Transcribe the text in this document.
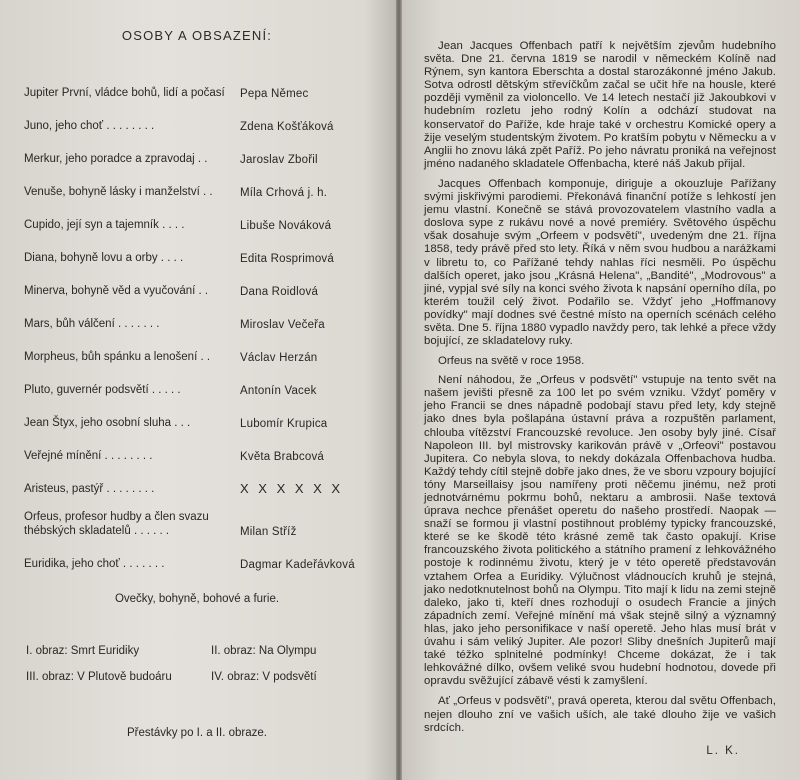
OSOBY A OBSAZENÍ:
Jupiter První, vládce bohů, lidí a počasí	Pepa Němec
Juno, jeho choť . . . . . . . .	Zdena Košťáková
Merkur, jeho poradce a zpravodaj . .	Jaroslav Zbořil
Venuše, bohyně lásky i manželství . .	Míla Crhová j. h.
Cupido, její syn a tajemník . . . .	Libuše Nováková
Diana, bohyně lovu a orby . . . .	Edita Rosprimová
Minerva, bohyně věd a vyučování . .	Dana Roidlová
Mars, bůh válčení . . . . . . .	Miroslav Večeřa
Morpheus, bůh spánku a lenošení . .	Václav Herzán
Pluto, guvernér podsvětí . . . . .	Antonín Vacek
Jean Štyx, jeho osobní sluha . . .	Lubomír Krupica
Veřejné mínění . . . . . . . .	Květa Brabcová
Aristeus, pastýř . . . . . . . .	X X X X X X
Orfeus, profesor hudby a člen svazu thébských skladatelů . . . . . .	Milan Stříž
Euridika, jeho choť . . . . . . .	Dagmar Kadeřávková
Ovečky, bohyně, bohové a furie.
I. obraz: Smrt Euridiky	II. obraz: Na Olympu
III. obraz: V Plutově budoáru	IV. obraz: V podsvětí
Přestávky po I. a II. obraze.

Jean Jacques Offenbach patří k největším zjevům hudebního světa. Dne 21. června 1819 se narodil v německém Kolíně nad Rýnem, syn kantora Eberschta a dostal starozákonné jméno Jakub. Sotva odrostl dětským střevíčkům začal se učit hře na housle, které později vyměnil za violoncello. Ve 14 letech nestačí již Jakoubkovi v hudebním rozletu jeho rodný Kolín a odchází studovat na konservatoř do Paříže, kde hraje také v orchestru Komické opery a žije veselým studentským životem. Po kratším pobytu v Německu a v Anglii ho znovu láká zpět Paříž. Po jeho návratu proniká na veřejnost jméno nadaného skladatele Offenbacha, které náš Jakub přijal.

Jacques Offenbach komponuje, diriguje a okouzluje Pařížany svými jiskřivými parodiemi. Překonává finanční potíže s lehkostí jen jemu vlastní. Konečně se stává provozovatelem vlastního vadla a doslova sype z rukávu nové a nové premiéry. Světového úspěchu však dosahuje svým „Orfeem v podsvětí", uvedeným dne 21. října 1858, tedy právě před sto lety. Říká v něm svou hudbou a narážkami v libretu to, co Pařížané tehdy nahlas říci nesměli. Po úspěchu dalších operet, jako jsou „Krásná Helena", „Bandité", „Modrovous" a jiné, vypjal své síly na konci svého života k napsání operního díla, po kterém toužil celý život. Podařilo se. Vždyť jeho „Hoffmanovy povídky" mají dodnes své čestné místo na operních scénách celého světa. Dne 5. října 1880 vypadlo navždy pero, tak lehké a přece vždy bojující, ze skladatelovy ruky.

Orfeus na světě v roce 1958.

Není náhodou, že „Orfeus v podsvětí" vstupuje na tento svět na našem jevišti přesně za 100 let po svém vzniku. Vždyť poměry v jeho Francii se dnes nápadně podobají stavu před lety, kdy stejně jako dnes byla pošlapána ústavní práva a rozpuštěn parlament, chlouba vítězství Francouzské revoluce. Jen osoby byly jiné. Císař Napoleon III. byl mistrovsky karikován právě v „Orfeovi" postavou Jupitera. Co nebyla slova, to nekdy dokázala Offenbachova hudba. Každý tehdy cítil stejně dobře jako dnes, že ve sboru vzpoury bojující tóny Marseillaisy jsou namířeny proti něčemu jinému, než proti jednotvárnému pokrmu bohů, nektaru a ambrosii. Naše textová úprava nechce přenášet operetu do našeho prostředí. Naopak — snaží se formou ji vlastní postihnout problémy typicky francouzské, které se ke škodě této krásné země tak často opakují. Krise francouzského života politického a státního pramení z lehkovážného postoje k rodinnému životu, který je v této operetě představován vztahem Orfea a Euridiky. Výlučnost vládnoucích kruhů je stejná, jako nedotknutelnost bohů na Olympu. Tito mají k lidu na zemi stejně daleko, jako ti, kteří dnes rozhodují o osudech Francie a jiných západních zemí. Veřejné mínění má však stejně silný a významný hlas, jako jeho personifikace v naší operetě. Jeho hlas musí brát v úvahu i sám veliký Jupiter. Ale pozor! Sliby dnešních Jupiterů mají také téžko splnitelné podmínky! Chceme dokázat, že i tak lehkovážné dílko, ovšem veliké svou hudební hodnotou, dovede při opravdu svěžující zábavě vésti k zamyšlení.

Ať „Orfeus v podsvětí", pravá opereta, kterou dal světu Offenbach, nejen dlouho zní ve vašich uších, ale také dlouho žije ve vašich srdcích.

L. K.
